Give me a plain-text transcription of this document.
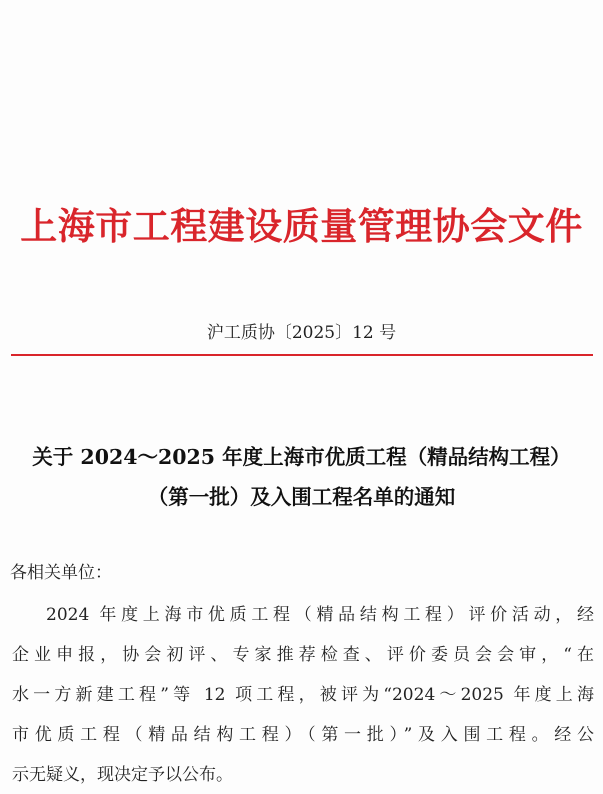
上海市工程建设质量管理协会文件
沪工质协〔2025〕12 号
关于 2024～2025 年度上海市优质工程（精品结构工程）
（第一批）及入围工程名单的通知
各相关单位：
2024 年度上海市优质工程（精品结构工程）评价活动，经
企业申报，协会初评、专家推荐检查、评价委员会会审，“在
水一方新建工程”等 12 项工程，被评为“2024～2025 年度上海
市优质工程（精品结构工程）（第一批）”及入围工程。经公
示无疑义，现决定予以公布。
